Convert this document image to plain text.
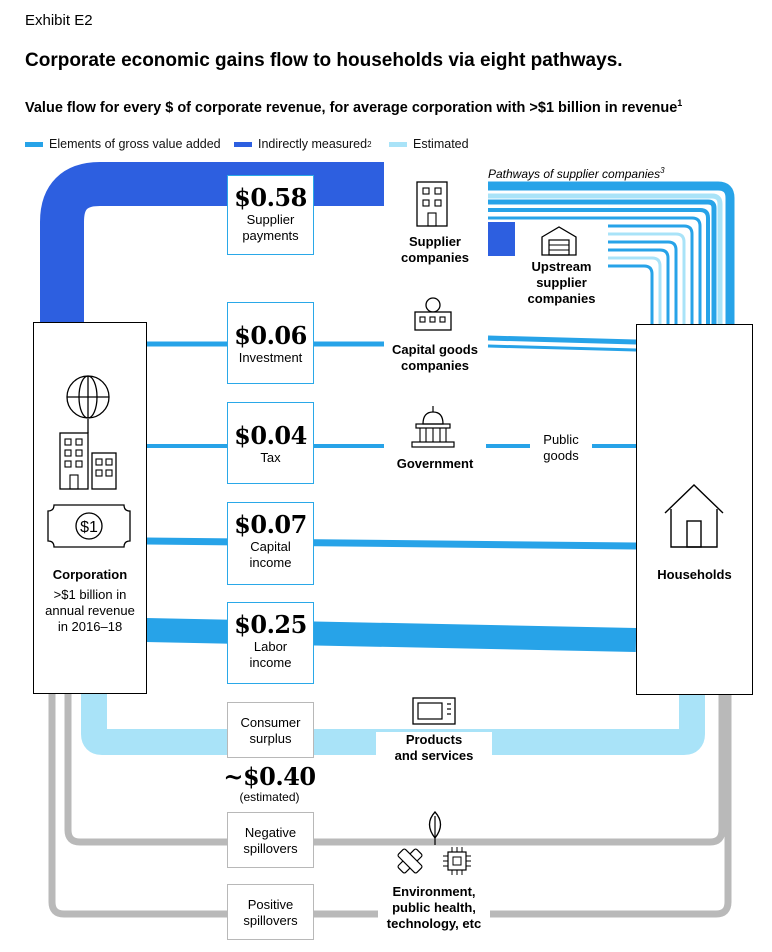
Exhibit E2
Corporate economic gains flow to households via eight pathways.
Value flow for every $ of corporate revenue, for average corporation with >$1 billion in revenue$^1$
Elements of gross value added	Indirectly measured 2	Estimated
$1
Corporation
>$1 billion in
annual revenue
in 2016–18
Households
$0.58
Supplier
payments
$0.06
Investment
$0.04
Tax
$0.07
Capital
income
$0.25
Labor
income
Consumer
surplus
~$0.40
(estimated)
Negative
spillovers
Positive
spillovers
Pathways of supplier companies$^3$
Supplier
companies
Upstream
supplier
companies
Capital goods
companies
Government
Public
goods
Products
and services
Environment,
public health,
technology, etc
